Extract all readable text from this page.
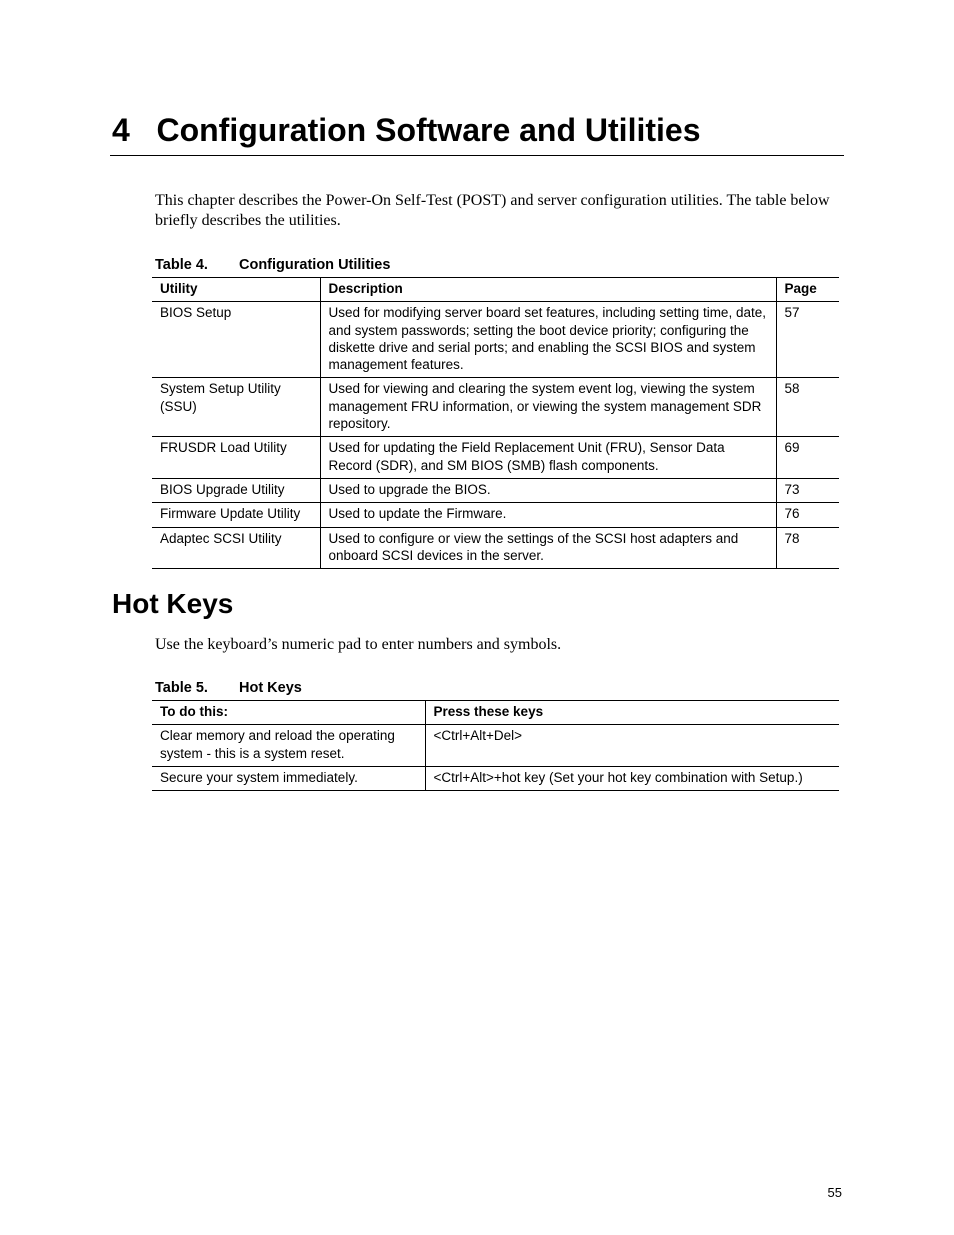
4 Configuration Software and Utilities

This chapter describes the Power-On Self-Test (POST) and server configuration utilities. The table below briefly describes the utilities.

Table 4. Configuration Utilities
Utility	Description	Page
BIOS Setup	Used for modifying server board set features, including setting time, date, and system passwords; setting the boot device priority; configuring the diskette drive and serial ports; and enabling the SCSI BIOS and system management features.	57
System Setup Utility (SSU)	Used for viewing and clearing the system event log, viewing the system management FRU information, or viewing the system management SDR repository.	58
FRUSDR Load Utility	Used for updating the Field Replacement Unit (FRU), Sensor Data Record (SDR), and SM BIOS (SMB) flash components.	69
BIOS Upgrade Utility	Used to upgrade the BIOS.	73
Firmware Update Utility	Used to update the Firmware.	76
Adaptec SCSI Utility	Used to configure or view the settings of the SCSI host adapters and onboard SCSI devices in the server.	78
Hot Keys

Use the keyboard’s numeric pad to enter numbers and symbols.

Table 5. Hot Keys
To do this:	Press these keys
Clear memory and reload the operating system - this is a system reset.	<Ctrl+Alt+Del>
Secure your system immediately.	<Ctrl+Alt>+hot key (Set your hot key combination with Setup.)
55
